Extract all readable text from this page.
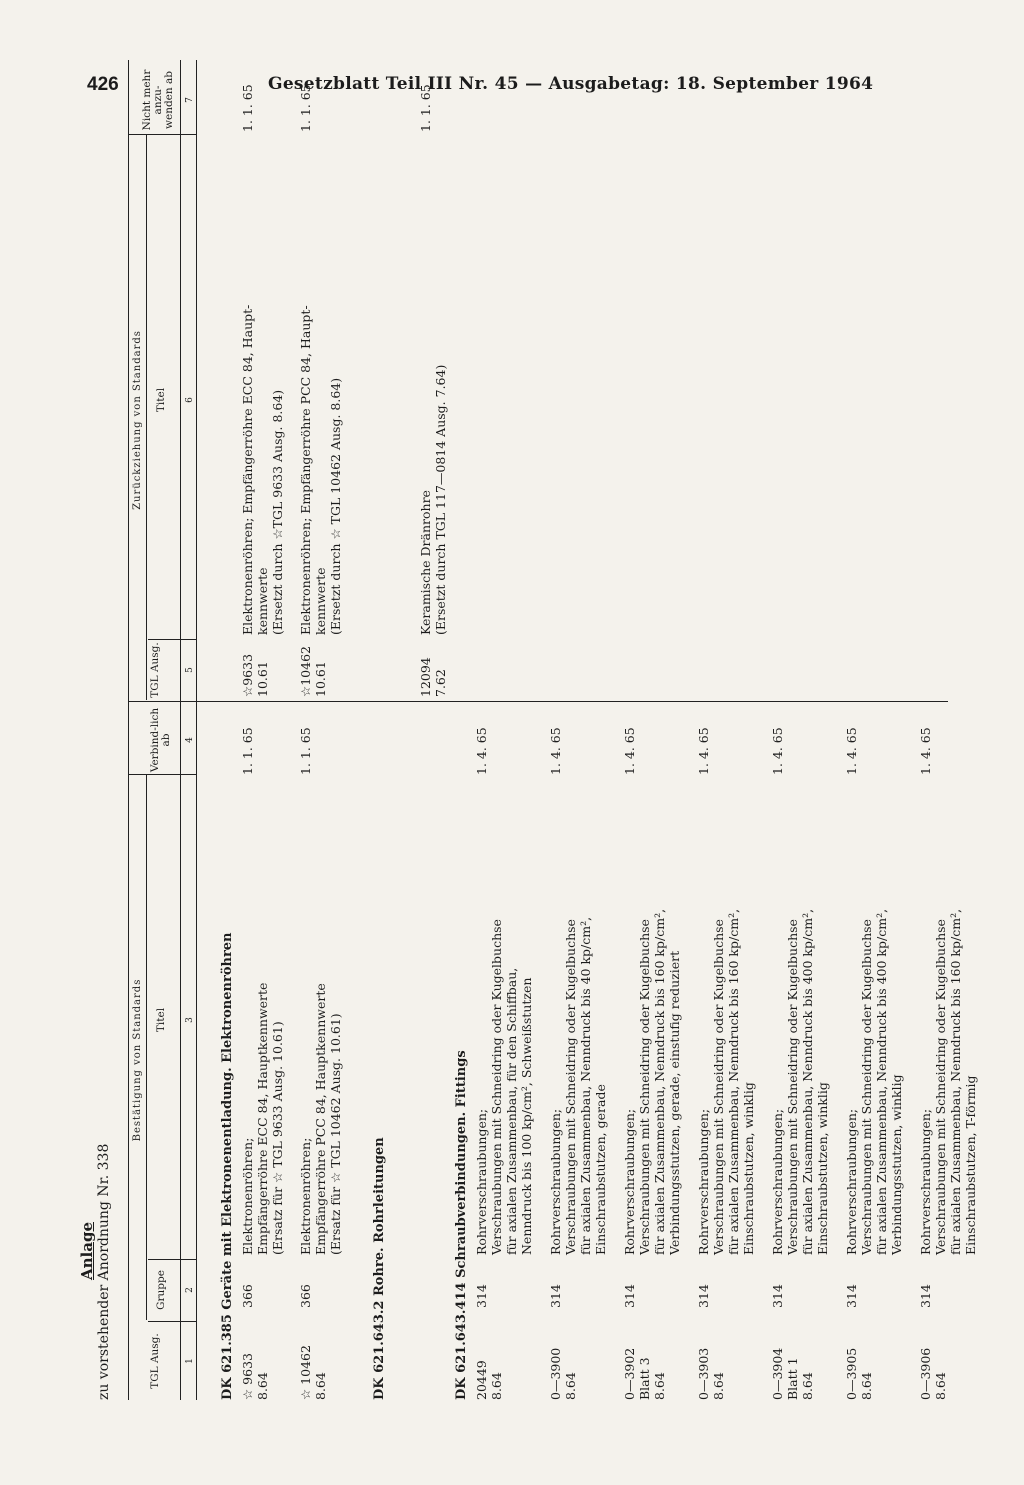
426	Gesetzblatt Teil III Nr. 45 — Ausgabetag: 18. September 1964
Anlage zu vorstehender Anordnung Nr. 338
Bestätigung von Standards
Zurückziehung von Standards
TGL Ausg.
Gruppe
Titel
Verbind-lich ab
TGL Ausg.
Titel
Nicht mehr anzu-wenden ab
1
2
3
4
5
6
7
DK 621.385 Geräte mit Elektronenentladung. Elektronenröhren ☆ 9633
8.64
366
Elektronenröhren;
Empfängerröhre ECC 84, Hauptkennwerte
(Ersatz für ☆ TGL 9633 Ausg. 10.61)
1. 1. 65
☆9633
10.61
Elektronenröhren; Empfängerröhre ECC 84, Haupt-
kennwerte
(Ersetzt durch ☆TGL 9633 Ausg. 8.64)
1. 1. 65
☆ 10462
8.64
366
Elektronenröhren;
Empfängerröhre PCC 84, Hauptkennwerte
(Ersatz für ☆ TGL 10462 Ausg. 10.61)
1. 1. 65
☆10462
10.61
Elektronenröhren; Empfängerröhre PCC 84, Haupt-
kennwerte
(Ersetzt durch ☆ TGL 10462 Ausg. 8.64)
1. 1. 65
DK 621.643.2 Rohre. Rohrleitungen
12094
7.62
Keramische Dränrohre
(Ersetzt durch TGL 117—0814 Ausg. 7.64)
1. 1. 65
DK 621.643.414 Schraubverbindungen. Fittings 20449
8.64
314
Rohrverschraubungen;
Verschraubungen mit Schneidring oder Kugelbuchse
für axialen Zusammenbau, für den Schiffbau,
Nenndruck bis 100 kp/cm², Schweißstutzen
1. 4. 65
0—3900
8.64
314
Rohrverschraubungen;
Verschraubungen mit Schneidring oder Kugelbuchse
für axialen Zusammenbau, Nenndruck bis 40 kp/cm²,
Einschraubstutzen, gerade
1. 4. 65
0—3902
Blatt 3
8.64
314
Rohrverschraubungen;
Verschraubungen mit Schneidring oder Kugelbuchse
für axialen Zusammenbau, Nenndruck bis 160 kp/cm²,
Verbindungsstutzen, gerade, einstufig reduziert
1. 4. 65
0—3903
8.64
314
Rohrverschraubungen;
Verschraubungen mit Schneidring oder Kugelbuchse
für axialen Zusammenbau, Nenndruck bis 160 kp/cm²,
Einschraubstutzen, winklig
1. 4. 65
0—3904
Blatt 1
8.64
314
Rohrverschraubungen;
Verschraubungen mit Schneidring oder Kugelbuchse
für axialen Zusammenbau, Nenndruck bis 400 kp/cm²,
Einschraubstutzen, winklig
1. 4. 65
0—3905
8.64
314
Rohrverschraubungen;
Verschraubungen mit Schneidring oder Kugelbuchse
für axialen Zusammenbau, Nenndruck bis 400 kp/cm²,
Verbindungsstutzen, winklig
1. 4. 65
0—3906
8.64
314
Rohrverschraubungen;
Verschraubungen mit Schneidring oder Kugelbuchse
für axialen Zusammenbau, Nenndruck bis 160 kp/cm²,
Einschraubstutzen, T-förmig
1. 4. 65
